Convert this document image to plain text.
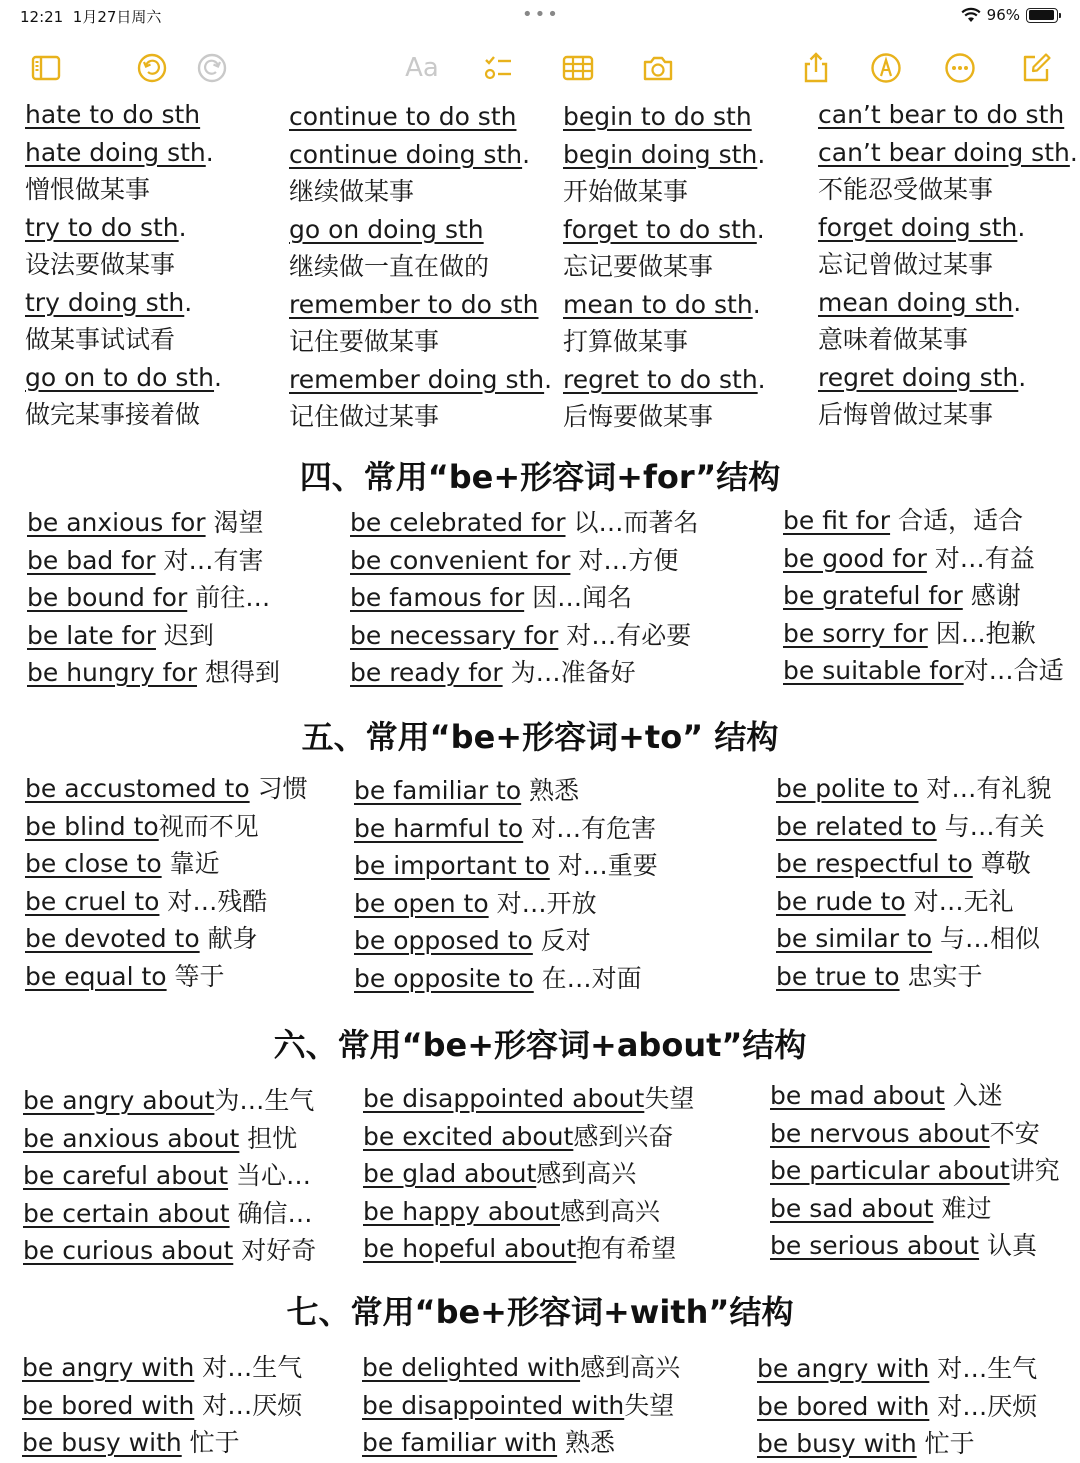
12:21 1月27日周六	•••	96%
Aa
hate to do sth
hate doing sth.
憎恨做某事
try to do sth.
设法要做某事
try doing sth.
做某事试试看
go on to do sth.
做完某事接着做
continue to do sth
continue doing sth.
继续做某事
go on doing sth
继续做一直在做的
remember to do sth
记住要做某事
remember doing sth.
记住做过某事
begin to do sth
begin doing sth.
开始做某事
forget to do sth.
忘记要做某事
mean to do sth.
打算做某事
regret to do sth.
后悔要做某事
can’t bear to do sth
can’t bear doing sth.
不能忍受做某事
forget doing sth.
忘记曾做过某事
mean doing sth.
意味着做某事
regret doing sth.
后悔曾做过某事
四、常用“be+形容词+for”结构
be anxious for 渴望
be bad for 对…有害
be bound for 前往…
be late for 迟到
be hungry for 想得到
be celebrated for 以…而著名
be convenient for 对…方便
be famous for 因…闻名
be necessary for 对…有必要
be ready for 为…准备好
be fit for 合适，适合
be good for 对…有益
be grateful for 感谢
be sorry for 因…抱歉
be suitable for对…合适
五、常用“be+形容词+to” 结构
be accustomed to 习惯
be blind to视而不见
be close to 靠近
be cruel to 对…残酷
be devoted to 献身
be equal to 等于
be familiar to 熟悉
be harmful to 对…有危害
be important to 对…重要
be open to 对…开放
be opposed to 反对
be opposite to 在…对面
be polite to 对…有礼貌
be related to 与…有关
be respectful to 尊敬
be rude to 对…无礼
be similar to 与…相似
be true to 忠实于
六、常用“be+形容词+about”结构
be angry about为…生气
be anxious about 担忧
be careful about 当心…
be certain about 确信…
be curious about 对好奇
be disappointed about失望
be excited about感到兴奋
be glad about感到高兴
be happy about感到高兴
be hopeful about抱有希望
be mad about 入迷
be nervous about不安
be particular about讲究
be sad about 难过
be serious about 认真
七、常用“be+形容词+with”结构
be angry with 对…生气
be bored with 对…厌烦
be busy with 忙于
be delighted with感到高兴
be disappointed with失望
be familiar with 熟悉
be angry with 对…生气
be bored with 对…厌烦
be busy with 忙于
